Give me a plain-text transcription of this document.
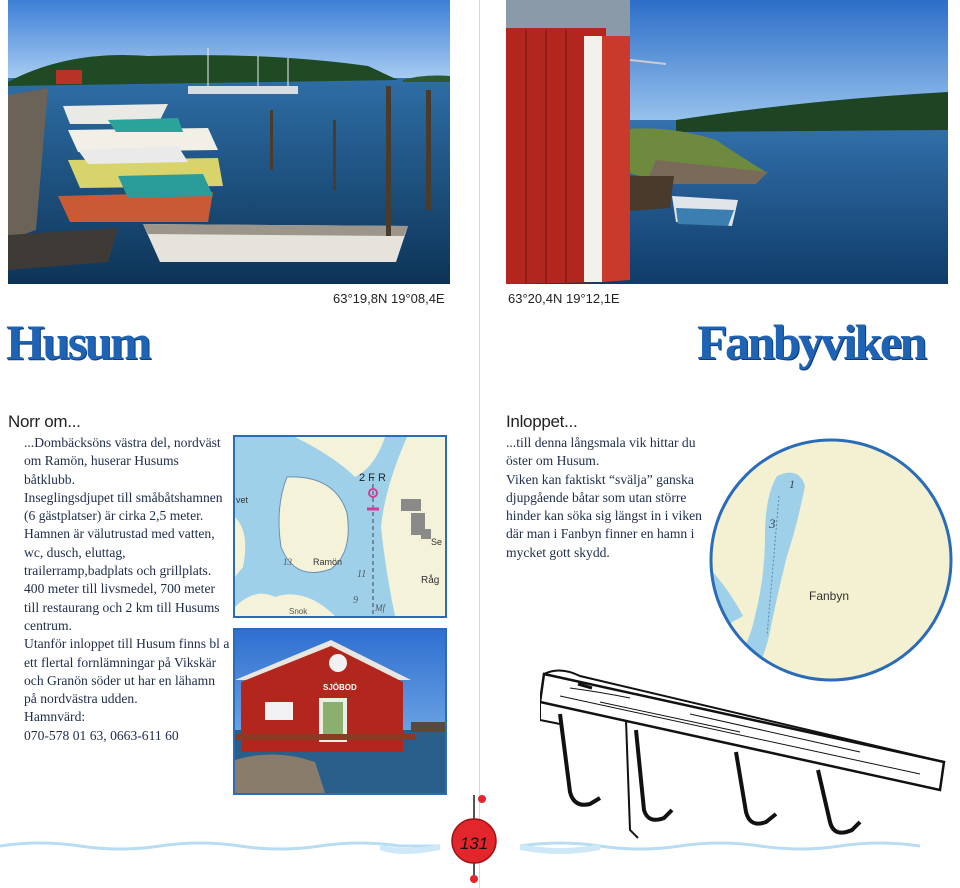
63°19,8N 19°08,4E
Husum
Norr om...

...Dombäcksöns västra del, nordväst om Ramön, huserar Husums båtklubb.

Inseglingsdjupet till småbåtshamnen (6 gästplatser) är cirka 2,5 meter.

Hamnen är välutrustad med vatten, wc, dusch, eluttag, trailerramp,badplats och grillplats.

400 meter till livsmedel, 700 meter till restaurang och 2 km till Husums centrum.

Utanför inloppet till Husum finns bl a ett flertal fornlämningar på Vikskär och Granön söder ut har en lähamn på nordvästra udden.

Hamnvärd:

070-578 01 63, 0663-611 60

2 F R
Ramön
13
11
9
vet
Se
Råg
Snok	Mf
SJÖBOD
63°20,4N 19°12,1E
Fanbyviken
Inloppet...

...till denna långsmala vik hittar du öster om Husum.

Viken kan faktiskt “svälja” ganska djupgående båtar som utan större hinder kan söka sig längst in i viken där man i Fanbyn finner en hamn i mycket gott skydd.

1
3
Fanbyn
131
